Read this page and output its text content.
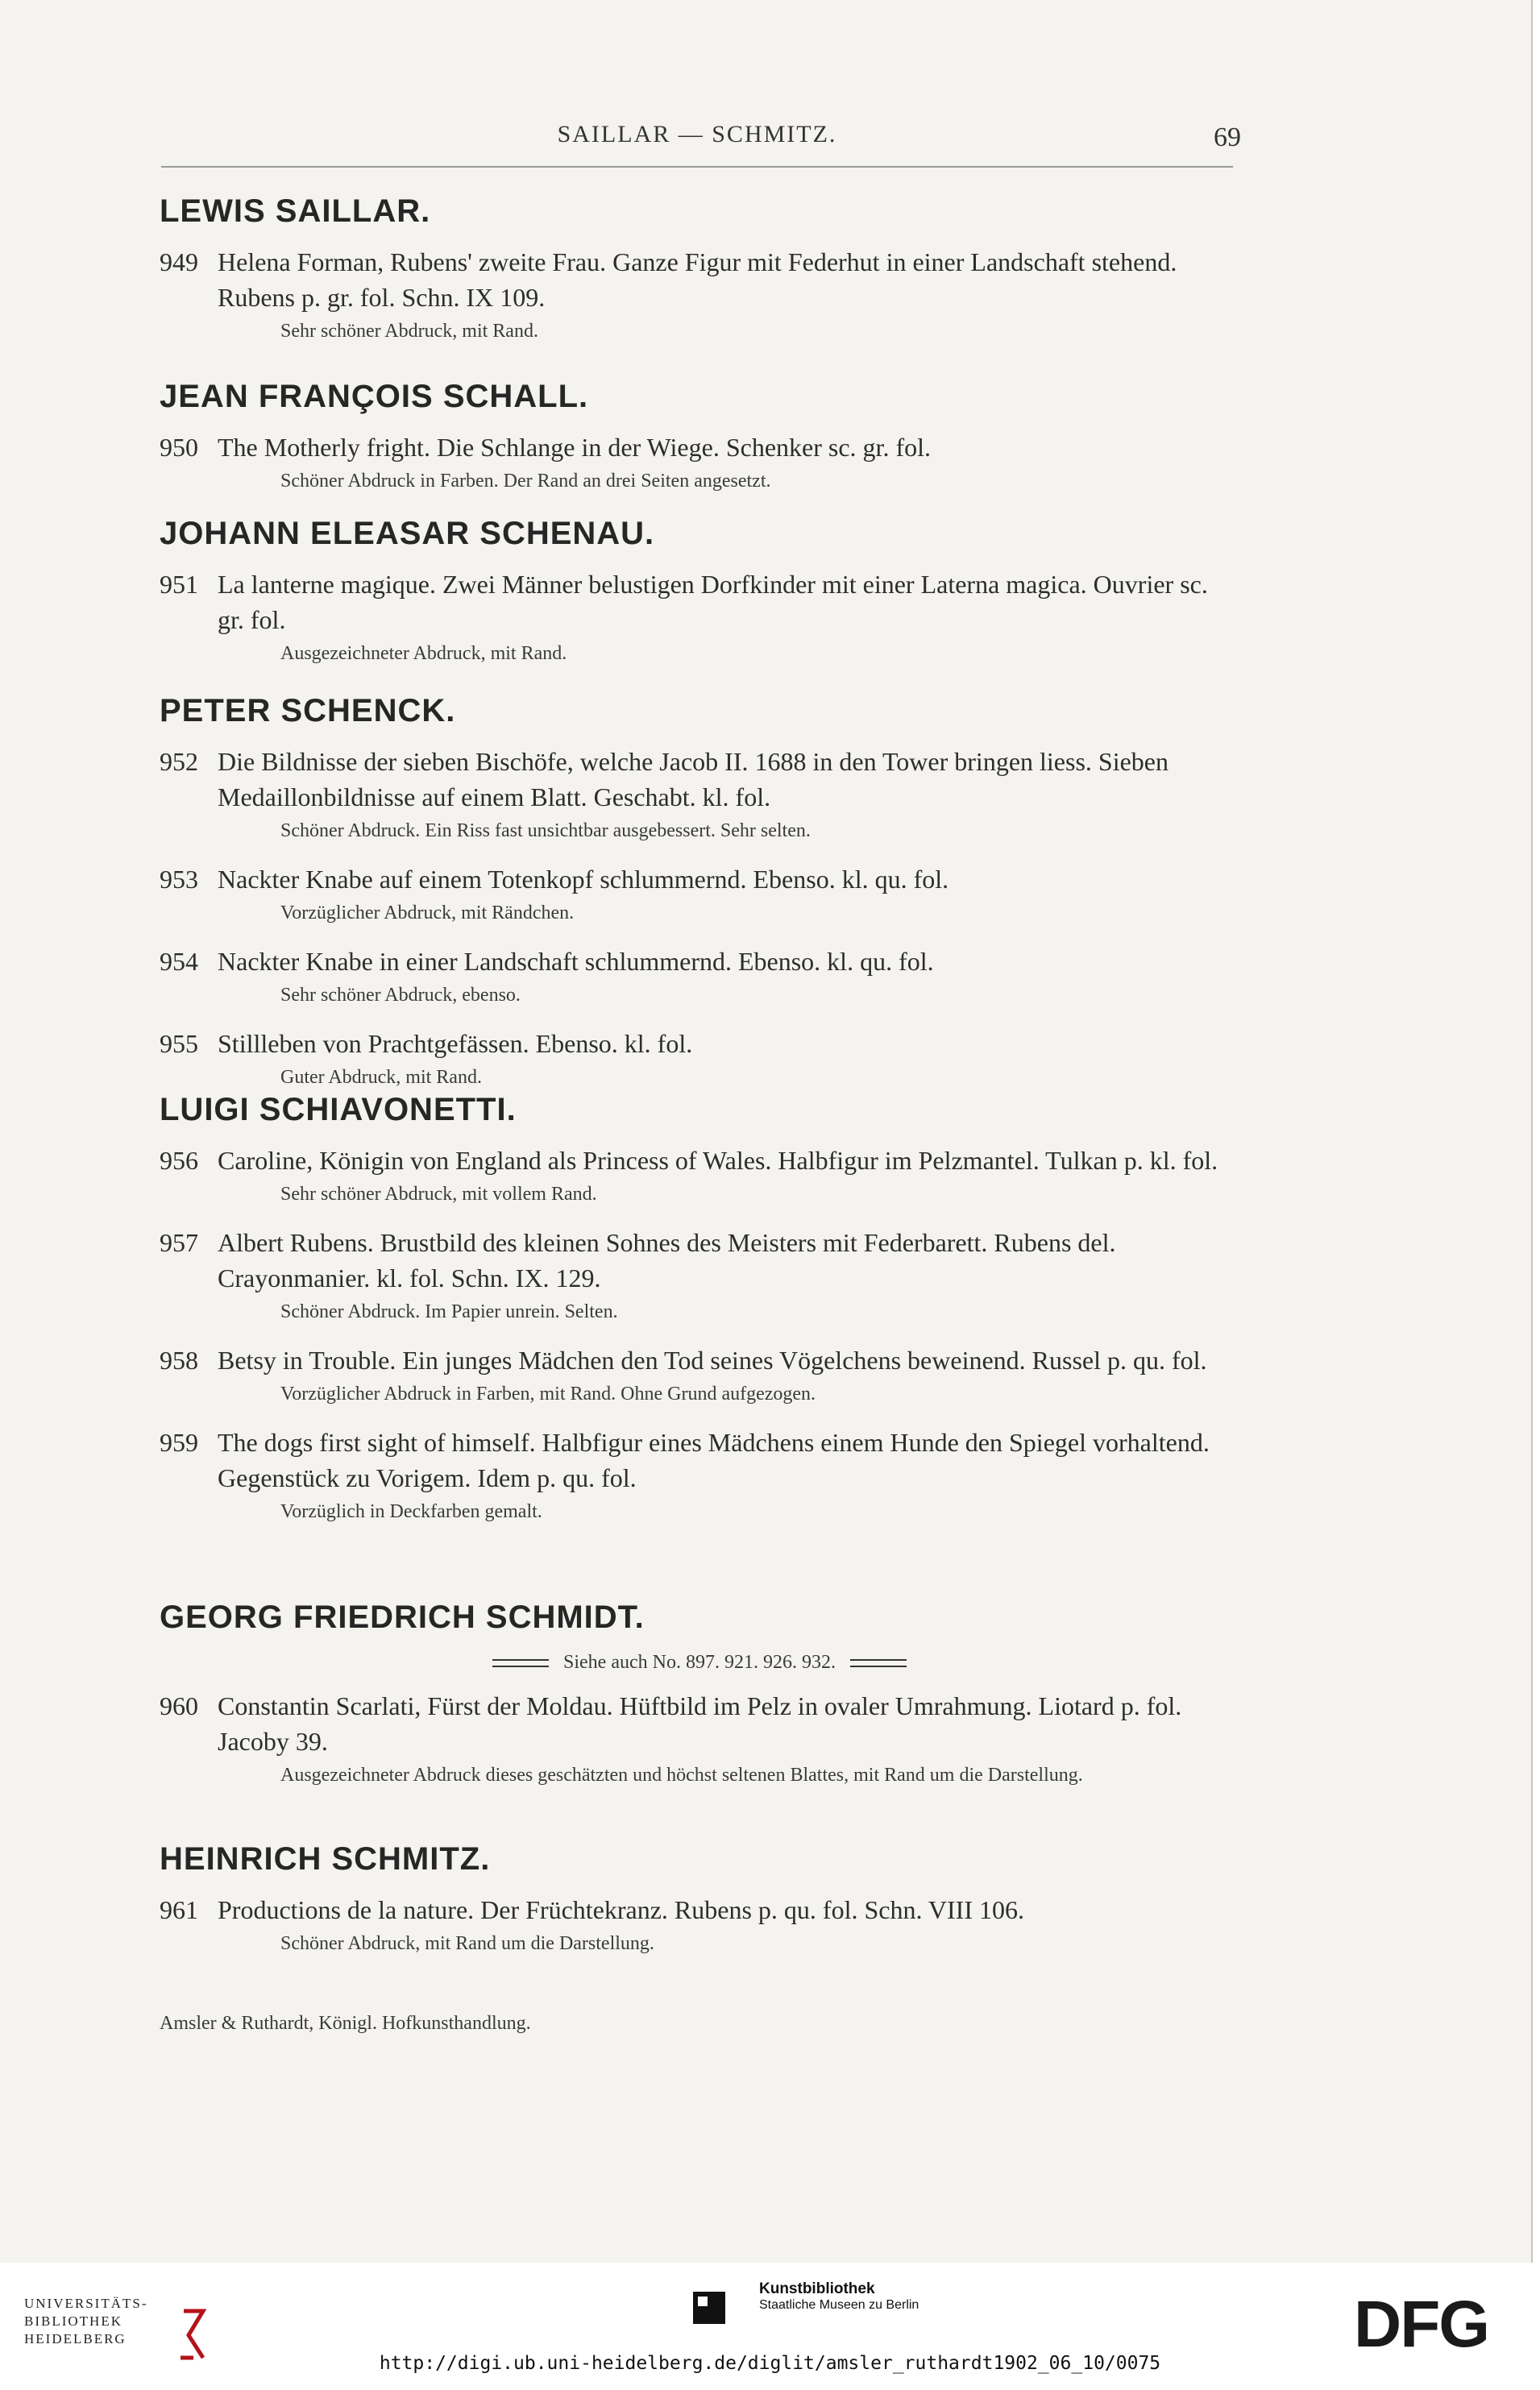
SAILLAR — SCHMITZ.	69
LEWIS SAILLAR.
949 Helena Forman, Rubens' zweite Frau. Ganze Figur mit Federhut in einer Landschaft stehend. Rubens p. gr. fol. Schn. IX 109.
Sehr schöner Abdruck, mit Rand.
JEAN FRANÇOIS SCHALL.
950 The Motherly fright. Die Schlange in der Wiege. Schenker sc. gr. fol.
Schöner Abdruck in Farben. Der Rand an drei Seiten angesetzt.
JOHANN ELEASAR SCHENAU.
951 La lanterne magique. Zwei Männer belustigen Dorfkinder mit einer Laterna magica. Ouvrier sc. gr. fol.
Ausgezeichneter Abdruck, mit Rand.
PETER SCHENCK.
952 Die Bildnisse der sieben Bischöfe, welche Jacob II. 1688 in den Tower bringen liess. Sieben Medaillonbildnisse auf einem Blatt. Geschabt. kl. fol.
Schöner Abdruck. Ein Riss fast unsichtbar ausgebessert. Sehr selten.
953 Nackter Knabe auf einem Totenkopf schlummernd. Ebenso. kl. qu. fol.
Vorzüglicher Abdruck, mit Rändchen.
954 Nackter Knabe in einer Landschaft schlummernd. Ebenso. kl. qu. fol.
Sehr schöner Abdruck, ebenso.
955 Stillleben von Prachtgefässen. Ebenso. kl. fol.
Guter Abdruck, mit Rand.
LUIGI SCHIAVONETTI.
956 Caroline, Königin von England als Princess of Wales. Halbfigur im Pelzmantel. Tulkan p. kl. fol.
Sehr schöner Abdruck, mit vollem Rand.
957 Albert Rubens. Brustbild des kleinen Sohnes des Meisters mit Federbarett. Rubens del. Crayonmanier. kl. fol. Schn. IX. 129.
Schöner Abdruck. Im Papier unrein. Selten.
958 Betsy in Trouble. Ein junges Mädchen den Tod seines Vögelchens beweinend. Russel p. qu. fol.
Vorzüglicher Abdruck in Farben, mit Rand. Ohne Grund aufgezogen.
959 The dogs first sight of himself. Halbfigur eines Mädchens einem Hunde den Spiegel vorhaltend. Gegenstück zu Vorigem. Idem p. qu. fol.
Vorzüglich in Deckfarben gemalt.
GEORG FRIEDRICH SCHMIDT.
Siehe auch No. 897. 921. 926. 932.
960 Constantin Scarlati, Fürst der Moldau. Hüftbild im Pelz in ovaler Umrahmung. Liotard p. fol. Jacoby 39.
Ausgezeichneter Abdruck dieses geschätzten und höchst seltenen Blattes, mit Rand um die Darstellung.
HEINRICH SCHMITZ.
961 Productions de la nature. Der Früchtekranz. Rubens p. qu. fol. Schn. VIII 106.
Schöner Abdruck, mit Rand um die Darstellung.
Amsler & Ruthardt, Königl. Hofkunsthandlung.
UNIVERSITÄTS-
BIBLIOTHEK
HEIDELBERG
Kunstbibliothek
Staatliche Museen zu Berlin	DFG
http://digi.ub.uni-heidelberg.de/diglit/amsler_ruthardt1902_06_10/0075
